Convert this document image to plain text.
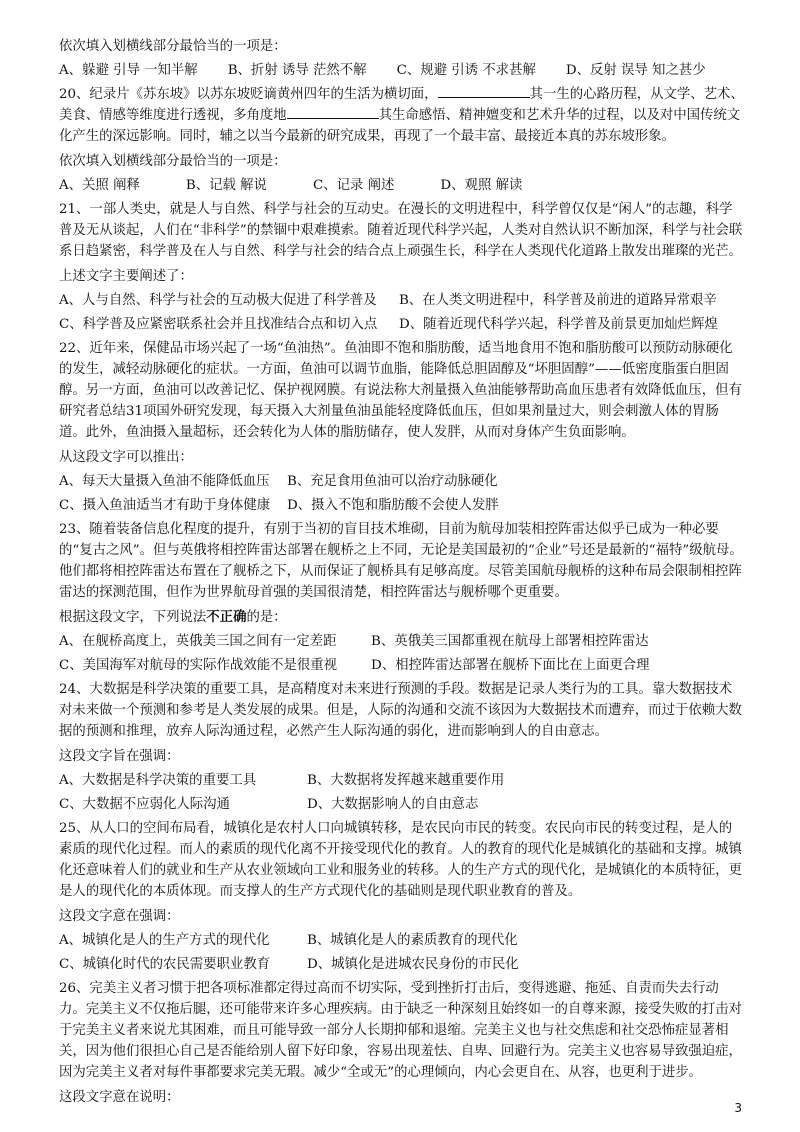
依次填入划横线部分最恰当的一项是：

A、躲避 引导 一知半解 B、折射 诱导 茫然不解 C、规避 引诱 不求甚解 D、反射 误导 知之甚少

20、纪录片《苏东坡》以苏东坡贬谪黄州四年的生活为横切面，	其一生的心路历程，从文学、艺术、美食、情感等维度进行透视，多角度地	其生命感悟、精神嬗变和艺术升华的过程，以及对中国传统文化产生的深远影响。同时，辅之以当今最新的研究成果，再现了一个最丰富、最接近本真的苏东坡形象。

依次填入划横线部分最恰当的一项是：

A、关照 阐释	B、记载 解说	C、记录 阐述	D、观照 解读

21、一部人类史，就是人与自然、科学与社会的互动史。在漫长的文明进程中，科学曾仅仅是“闲人”的志趣，科学普及无从谈起，人们在“非科学”的禁锢中艰难摸索。随着近现代科学兴起，人类对自然认识不断加深，科学与社会联系日趋紧密，科学普及在人与自然、科学与社会的结合点上顽强生长，科学在人类现代化道路上散发出璀璨的光芒。

上述文字主要阐述了：

A、人与自然、科学与社会的互动极大促进了科学普及	B、在人类文明进程中，科学普及前进的道路异常艰辛
C、科学普及应紧密联系社会并且找准结合点和切入点	D、随着近现代科学兴起，科学普及前景更加灿烂辉煌

22、近年来，保健品市场兴起了一场“鱼油热”。鱼油即不饱和脂肪酸，适当地食用不饱和脂肪酸可以预防动脉硬化的发生，减轻动脉硬化的症状。一方面，鱼油可以调节血脂，能降低总胆固醇及“坏胆固醇”——低密度脂蛋白胆固醇。另一方面，鱼油可以改善记忆、保护视网膜。有说法称大剂量摄入鱼油能够帮助高血压患者有效降低血压，但有研究者总结31项国外研究发现，每天摄入大剂量鱼油虽能轻度降低血压，但如果剂量过大，则会刺激人体的胃肠道。此外，鱼油摄入量超标，还会转化为人体的脂肪储存，使人发胖，从而对身体产生负面影响。

从这段文字可以推出：

A、每天大量摄入鱼油不能降低血压	B、充足食用鱼油可以治疗动脉硬化
C、摄入鱼油适当才有助于身体健康	D、摄入不饱和脂肪酸不会使人发胖

23、随着装备信息化程度的提升，有别于当初的盲目技术堆砌，目前为航母加装相控阵雷达似乎已成为一种必要的“复古之风”。但与英俄将相控阵雷达部署在舰桥之上不同，无论是美国最初的“企业”号还是最新的“福特”级航母。他们都将相控阵雷达布置在了舰桥之下，从而保证了舰桥具有足够高度。尽管美国航母舰桥的这种布局会限制相控阵雷达的探测范围，但作为世界航母首强的美国很清楚，相控阵雷达与舰桥哪个更重要。

根据这段文字，下列说法不正确的是：

A、在舰桥高度上，英俄美三国之间有一定差距	B、英俄美三国都重视在航母上部署相控阵雷达
C、美国海军对航母的实际作战效能不是很重视	D、相控阵雷达部署在舰桥下面比在上面更合理

24、大数据是科学决策的重要工具，是高精度对未来进行预测的手段。数据是记录人类行为的工具。靠大数据技术对未来做一个预测和参考是人类发展的成果。但是，人际的沟通和交流不该因为大数据技术而遭弃，而过于依赖大数据的预测和推理，放弃人际沟通过程，必然产生人际沟通的弱化，进而影响到人的自由意志。

这段文字旨在强调：

A、大数据是科学决策的重要工具	B、大数据将发挥越来越重要作用
C、大数据不应弱化人际沟通	D、大数据影响人的自由意志

25、从人口的空间布局看，城镇化是农村人口向城镇转移，是农民向市民的转变。农民向市民的转变过程，是人的素质的现代化过程。而人的素质的现代化离不开接受现代化的教育。人的教育的现代化是城镇化的基础和支撑。城镇化还意味着人们的就业和生产从农业领域向工业和服务业的转移。人的生产方式的现代化，是城镇化的本质特征，更是人的现代化的本质体现。而支撑人的生产方式现代化的基础则是现代职业教育的普及。

这段文字意在强调：

A、城镇化是人的生产方式的现代化	B、城镇化是人的素质教育的现代化
C、城镇化时代的农民需要职业教育	D、城镇化是进城农民身份的市民化

26、完美主义者习惯于把各项标准都定得过高而不切实际，受到挫折打击后，变得逃避、拖延、自责而失去行动力。完美主义不仅拖后腿，还可能带来许多心理疾病。由于缺乏一种深刻且始终如一的自尊来源，接受失败的打击对于完美主义者来说尤其困难，而且可能导致一部分人长期抑郁和退缩。完美主义也与社交焦虑和社交恐怖症显著相关，因为他们很担心自己是否能给别人留下好印象，容易出现羞怯、自卑、回避行为。完美主义也容易导致强迫症，因为完美主义者对每件事都要求完美无瑕。减少“全或无”的心理倾向，内心会更自在、从容，也更利于进步。

这段文字意在说明：

3
